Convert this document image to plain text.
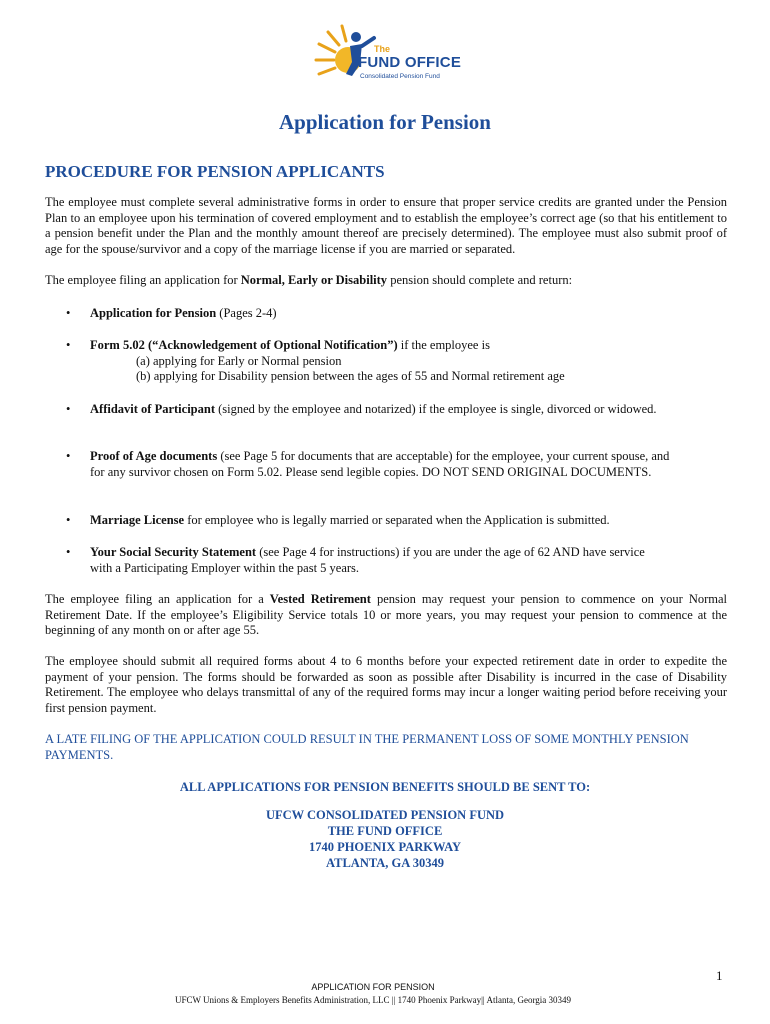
The
FUND OFFICE
Consolidated Pension Fund
Application for Pension
PROCEDURE FOR PENSION APPLICANTS
The employee must complete several administrative forms in order to ensure that proper service credits are granted under the Pension Plan to an employee upon his termination of covered employment and to establish the employee’s correct age (so that his entitlement to a pension benefit under the Plan and the monthly amount thereof are precisely determined). The employee must also submit proof of age for the spouse/survivor and a copy of the marriage license if you are married or separated.
The employee filing an application for Normal, Early or Disability pension should complete and return:
• Application for Pension (Pages 2-4)
• Form 5.02 (“Acknowledgement of Optional Notification”) if the employee is
(a) applying for Early or Normal pension
(b) applying for Disability pension between the ages of 55 and Normal retirement age
• Affidavit of Participant (signed by the employee and notarized) if the employee is single, divorced or widowed.
• Proof of Age documents (see Page 5 for documents that are acceptable) for the employee, your current spouse, and for any survivor chosen on Form 5.02. Please send legible copies. DO NOT SEND ORIGINAL DOCUMENTS.
• Marriage License for employee who is legally married or separated when the Application is submitted.
• Your Social Security Statement (see Page 4 for instructions) if you are under the age of 62 AND have service with a Participating Employer within the past 5 years.
The employee filing an application for a Vested Retirement pension may request your pension to commence on your Normal Retirement Date. If the employee’s Eligibility Service totals 10 or more years, you may request your pension to commence at the beginning of any month on or after age 55.
The employee should submit all required forms about 4 to 6 months before your expected retirement date in order to expedite the payment of your pension. The forms should be forwarded as soon as possible after Disability is incurred in the case of Disability Retirement. The employee who delays transmittal of any of the required forms may incur a longer waiting period before receiving your first pension payment.
A LATE FILING OF THE APPLICATION COULD RESULT IN THE PERMANENT LOSS OF SOME MONTHLY PENSION PAYMENTS.
ALL APPLICATIONS FOR PENSION BENEFITS SHOULD BE SENT TO:
UFCW CONSOLIDATED PENSION FUND
THE FUND OFFICE
1740 PHOENIX PARKWAY
ATLANTA, GA 30349
1
APPLICATION FOR PENSION
UFCW Unions & Employers Benefits Administration, LLC || 1740 Phoenix Parkway|| Atlanta, Georgia 30349
